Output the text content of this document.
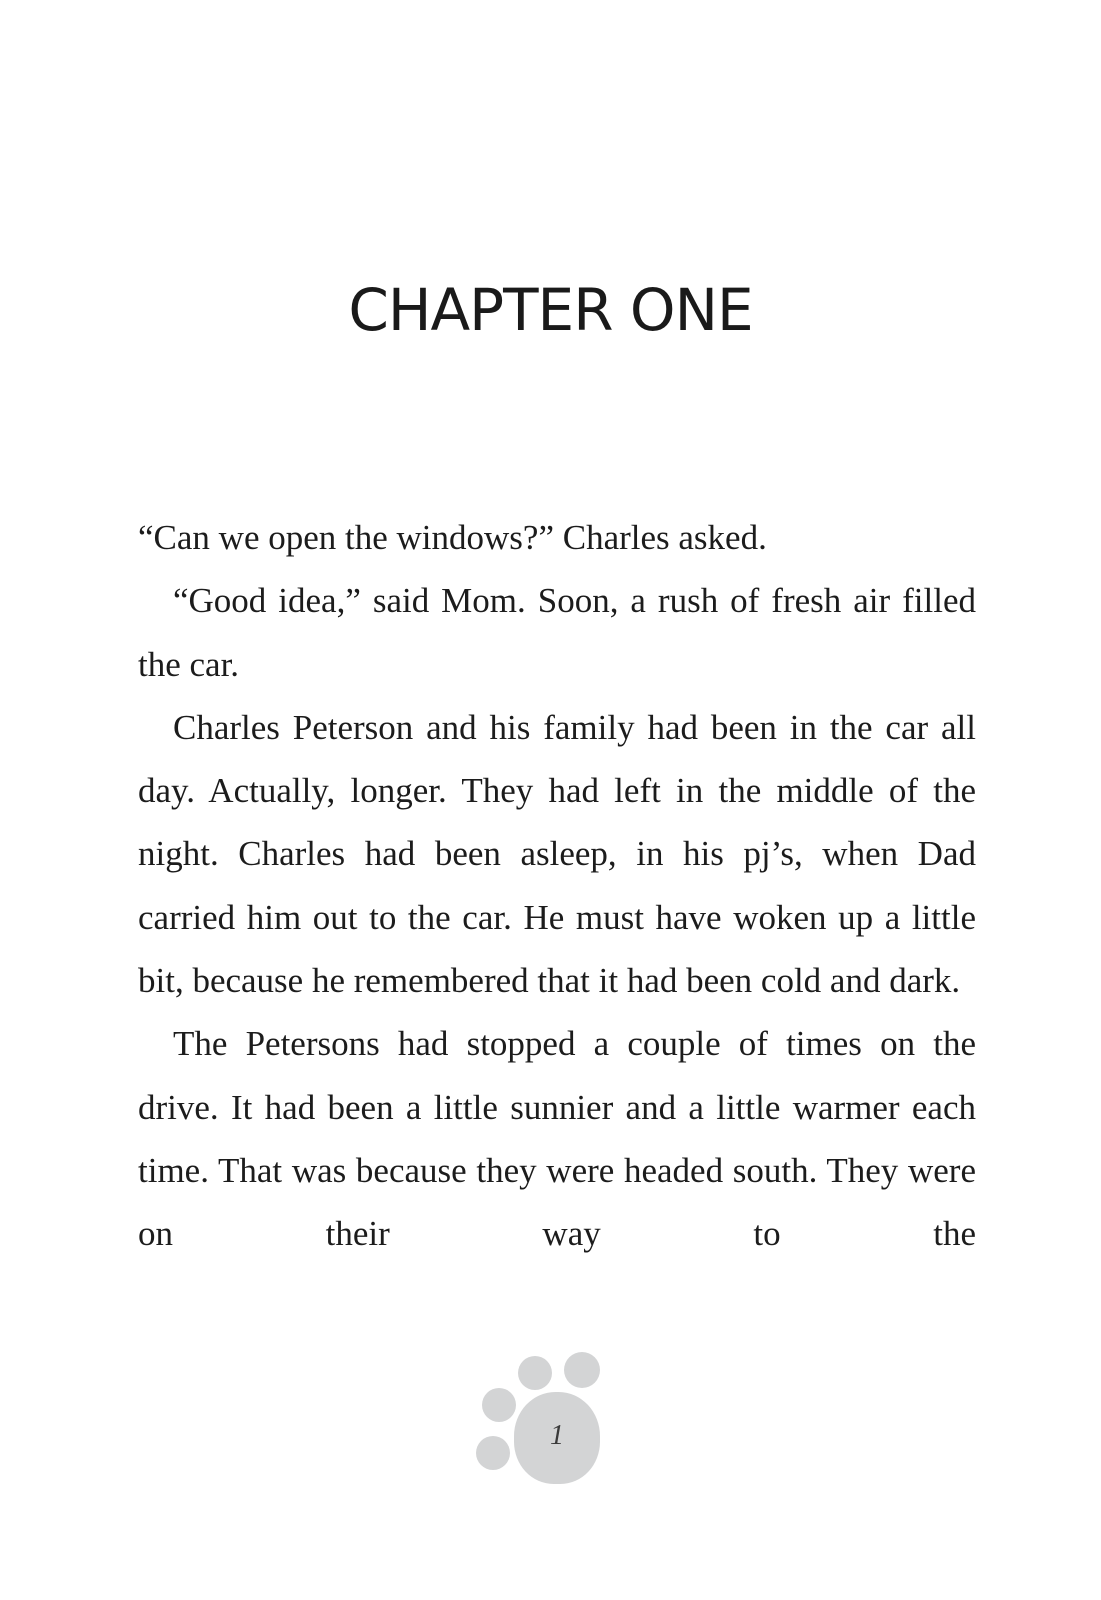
CHAPTER ONE

“Can we open the windows?” Charles asked.

“Good idea,” said Mom. Soon, a rush of fresh air filled the car.

Charles Peterson and his family had been in the car all day. Actually, longer. They had left in the middle of the night. Charles had been asleep, in his pj’s, when Dad carried him out to the car. He must have woken up a little bit, because he remembered that it had been cold and dark.

The Petersons had stopped a couple of times on the drive. It had been a little sunnier and a little warmer each time. That was because they were headed south. They were on their way to the

1
